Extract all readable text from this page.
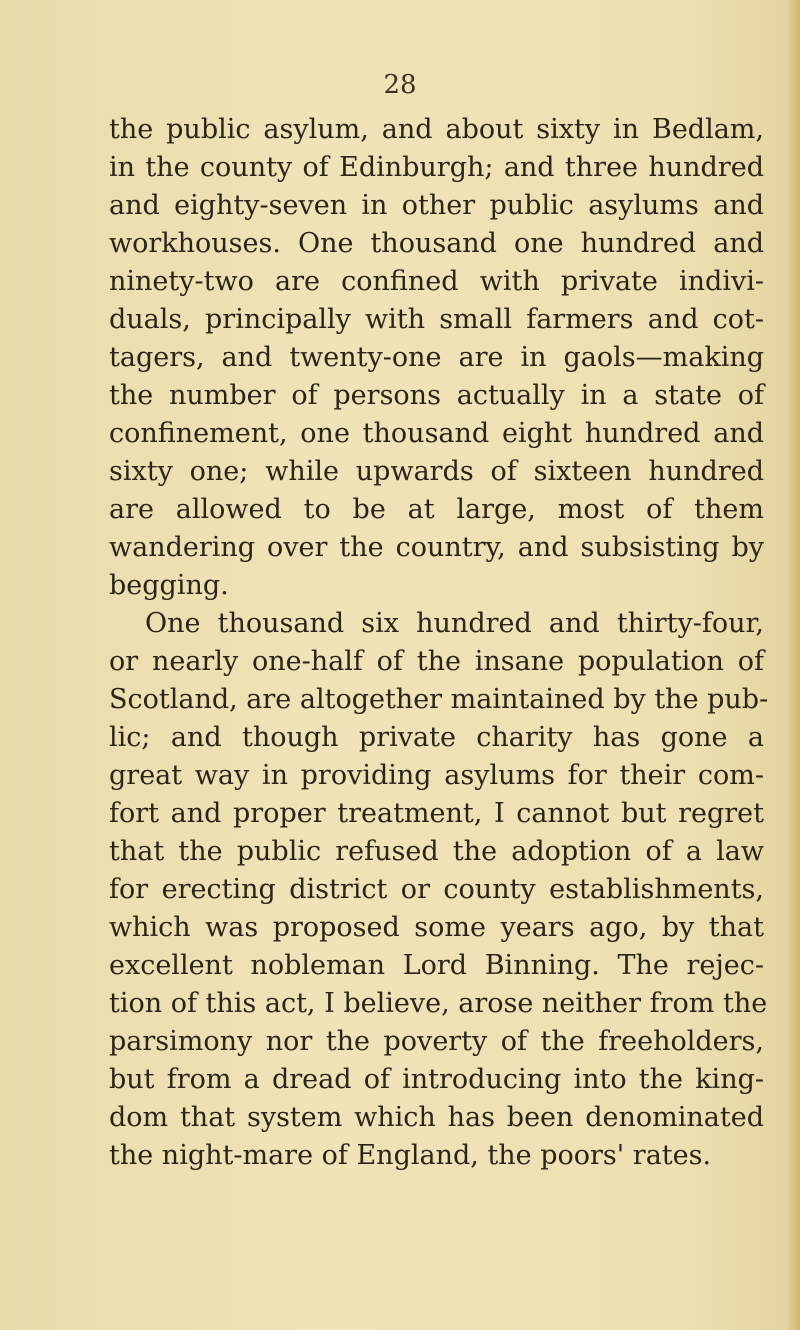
28
the public asylum, and about sixty in Bedlam,
in the county of Edinburgh; and three hundred
and eighty-seven in other public asylums and
workhouses. One thousand one hundred and
ninety-two are confined with private indivi-
duals, principally with small farmers and cot-
tagers, and twenty-one are in gaols—making
the number of persons actually in a state of
confinement, one thousand eight hundred and
sixty one; while upwards of sixteen hundred
are allowed to be at large, most of them
wandering over the country, and subsisting by
begging.
One thousand six hundred and thirty-four,
or nearly one-half of the insane population of
Scotland, are altogether maintained by the pub-
lic; and though private charity has gone a
great way in providing asylums for their com-
fort and proper treatment, I cannot but regret
that the public refused the adoption of a law
for erecting district or county establishments,
which was proposed some years ago, by that
excellent nobleman Lord Binning. The rejec-
tion of this act, I believe, arose neither from the
parsimony nor the poverty of the freeholders,
but from a dread of introducing into the king-
dom that system which has been denominated
the night-mare of England, the poors' rates.
